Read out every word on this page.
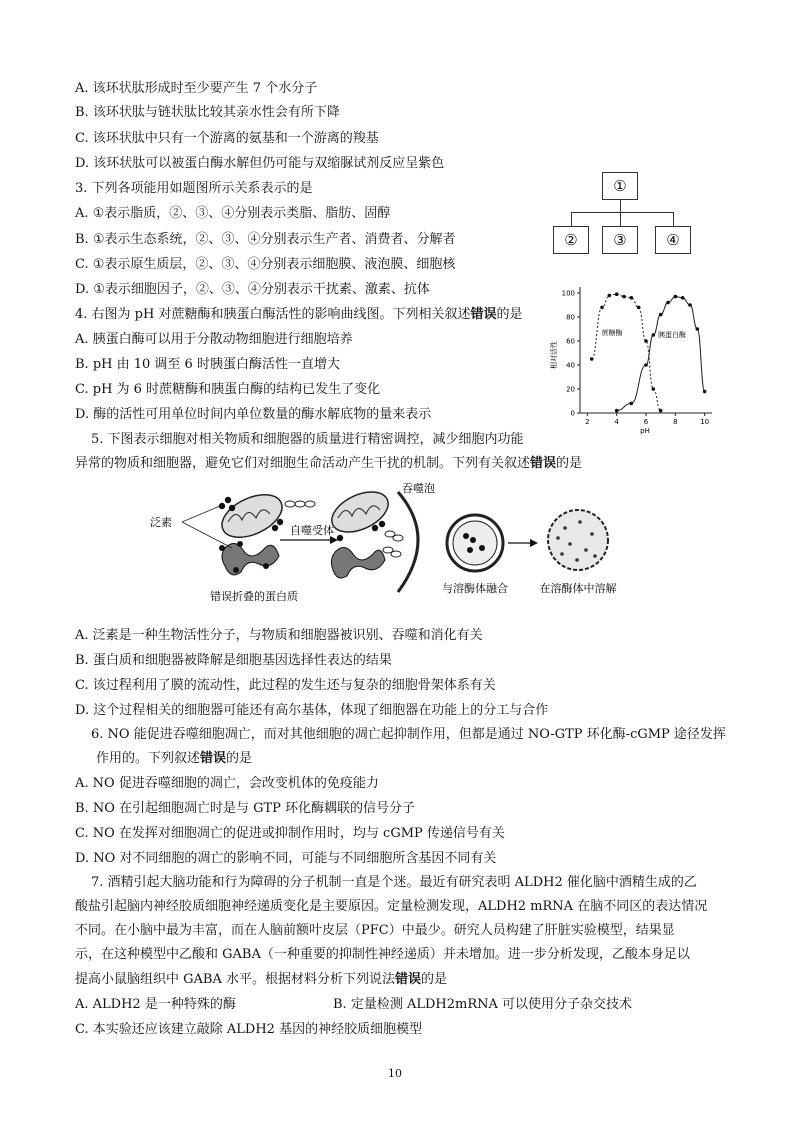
A. 该环状肽形成时至少要产生 7 个水分子
B. 该环状肽与链状肽比较其亲水性会有所下降
C. 该环状肽中只有一个游离的氨基和一个游离的羧基
D. 该环状肽可以被蛋白酶水解但仍可能与双缩脲试剂反应呈紫色
3. 下列各项能用如题图所示关系表示的是
A. ①表示脂质，②、③、④分别表示类脂、脂肪、固醇
B. ①表示生态系统，②、③、④分别表示生产者、消费者、分解者
C. ①表示原生质层，②、③、④分别表示细胞膜、液泡膜、细胞核
D. ①表示细胞因子，②、③、④分别表示干扰素、激素、抗体
①
②	③	④
4. 右图为 pH 对蔗糖酶和胰蛋白酶活性的影响曲线图。下列相关叙述错误的是
A. 胰蛋白酶可以用于分散动物细胞进行细胞培养
B. pH 由 10 调至 6 时胰蛋白酶活性一直增大
C. pH 为 6 时蔗糖酶和胰蛋白酶的结构已发生了变化
D. 酶的活性可用单位时间内单位数量的酶水解底物的量来表示	2	4	6	8	10
0
20
40
60
80
100
相对活性
pH
蔗糖酶	胰蛋白酶
5. 下图表示细胞对相关物质和细胞器的质量进行精密调控，减少细胞内功能
异常的物质和细胞器，避免它们对细胞生命活动产生干扰的机制。下列有关叙述错误的是
泛素
错误折叠的蛋白质
自噬受体
吞噬泡
与溶酶体融合	在溶酶体中溶解
A. 泛素是一种生物活性分子，与物质和细胞器被识别、吞噬和消化有关
B. 蛋白质和细胞器被降解是细胞基因选择性表达的结果
C. 该过程利用了膜的流动性，此过程的发生还与复杂的细胞骨架体系有关
D. 这个过程相关的细胞器可能还有高尔基体，体现了细胞器在功能上的分工与合作
6. NO 能促进吞噬细胞凋亡，而对其他细胞的凋亡起抑制作用，但都是通过 NO-GTP 环化酶-cGMP 途径发挥
作用的。下列叙述错误的是
A. NO 促进吞噬细胞的凋亡，会改变机体的免疫能力
B. NO 在引起细胞凋亡时是与 GTP 环化酶耦联的信号分子
C. NO 在发挥对细胞凋亡的促进或抑制作用时，均与 cGMP 传递信号有关
D. NO 对不同细胞的凋亡的影响不同，可能与不同细胞所含基因不同有关
7. 酒精引起大脑功能和行为障碍的分子机制一直是个迷。最近有研究表明 ALDH2 催化脑中酒精生成的乙
酸盐引起脑内神经胶质细胞神经递质变化是主要原因。定量检测发现，ALDH2 mRNA 在脑不同区的表达情况
不同。在小脑中最为丰富，而在人脑前额叶皮层（PFC）中最少。研究人员构建了肝脏实验模型，结果显
示，在这种模型中乙酸和 GABA（一种重要的抑制性神经递质）并未增加。进一步分析发现，乙酸本身足以
提高小鼠脑组织中 GABA 水平。根据材料分析下列说法错误的是
A. ALDH2 是一种特殊的酶	B. 定量检测 ALDH2mRNA 可以使用分子杂交技术
C. 本实验还应该建立敲除 ALDH2 基因的神经胶质细胞模型
10
